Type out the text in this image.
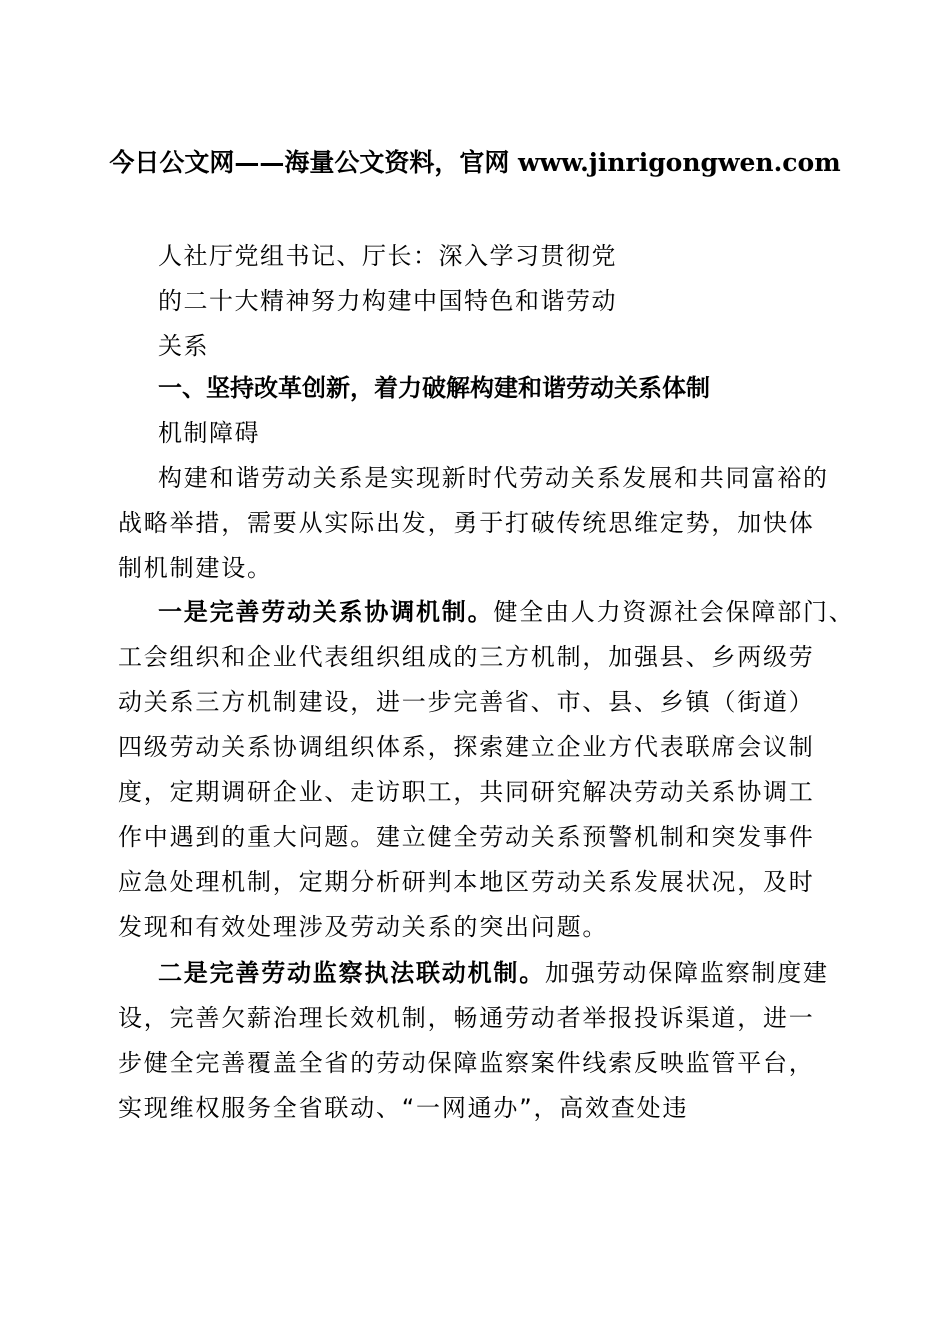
今日公文网——海量公文资料，官网 www.jinrigongwen.com
人社厅党组书记、厅长：深入学习贯彻党
的二十大精神努力构建中国特色和谐劳动
关系
一、坚持改革创新，着力破解构建和谐劳动关系体制
机制障碍
构建和谐劳动关系是实现新时代劳动关系发展和共同富裕的
战略举措，需要从实际出发，勇于打破传统思维定势，加快体
制机制建设。
一是完善劳动关系协调机制。健全由人力资源社会保障部门、
工会组织和企业代表组织组成的三方机制，加强县、乡两级劳
动关系三方机制建设，进一步完善省、市、县、乡镇（街道）
四级劳动关系协调组织体系，探索建立企业方代表联席会议制
度，定期调研企业、走访职工，共同研究解决劳动关系协调工
作中遇到的重大问题。建立健全劳动关系预警机制和突发事件
应急处理机制，定期分析研判本地区劳动关系发展状况，及时
发现和有效处理涉及劳动关系的突出问题。
二是完善劳动监察执法联动机制。加强劳动保障监察制度建
设，完善欠薪治理长效机制，畅通劳动者举报投诉渠道，进一
步健全完善覆盖全省的劳动保障监察案件线索反映监管平台，
实现维权服务全省联动、“一网通办”，高效查处违
